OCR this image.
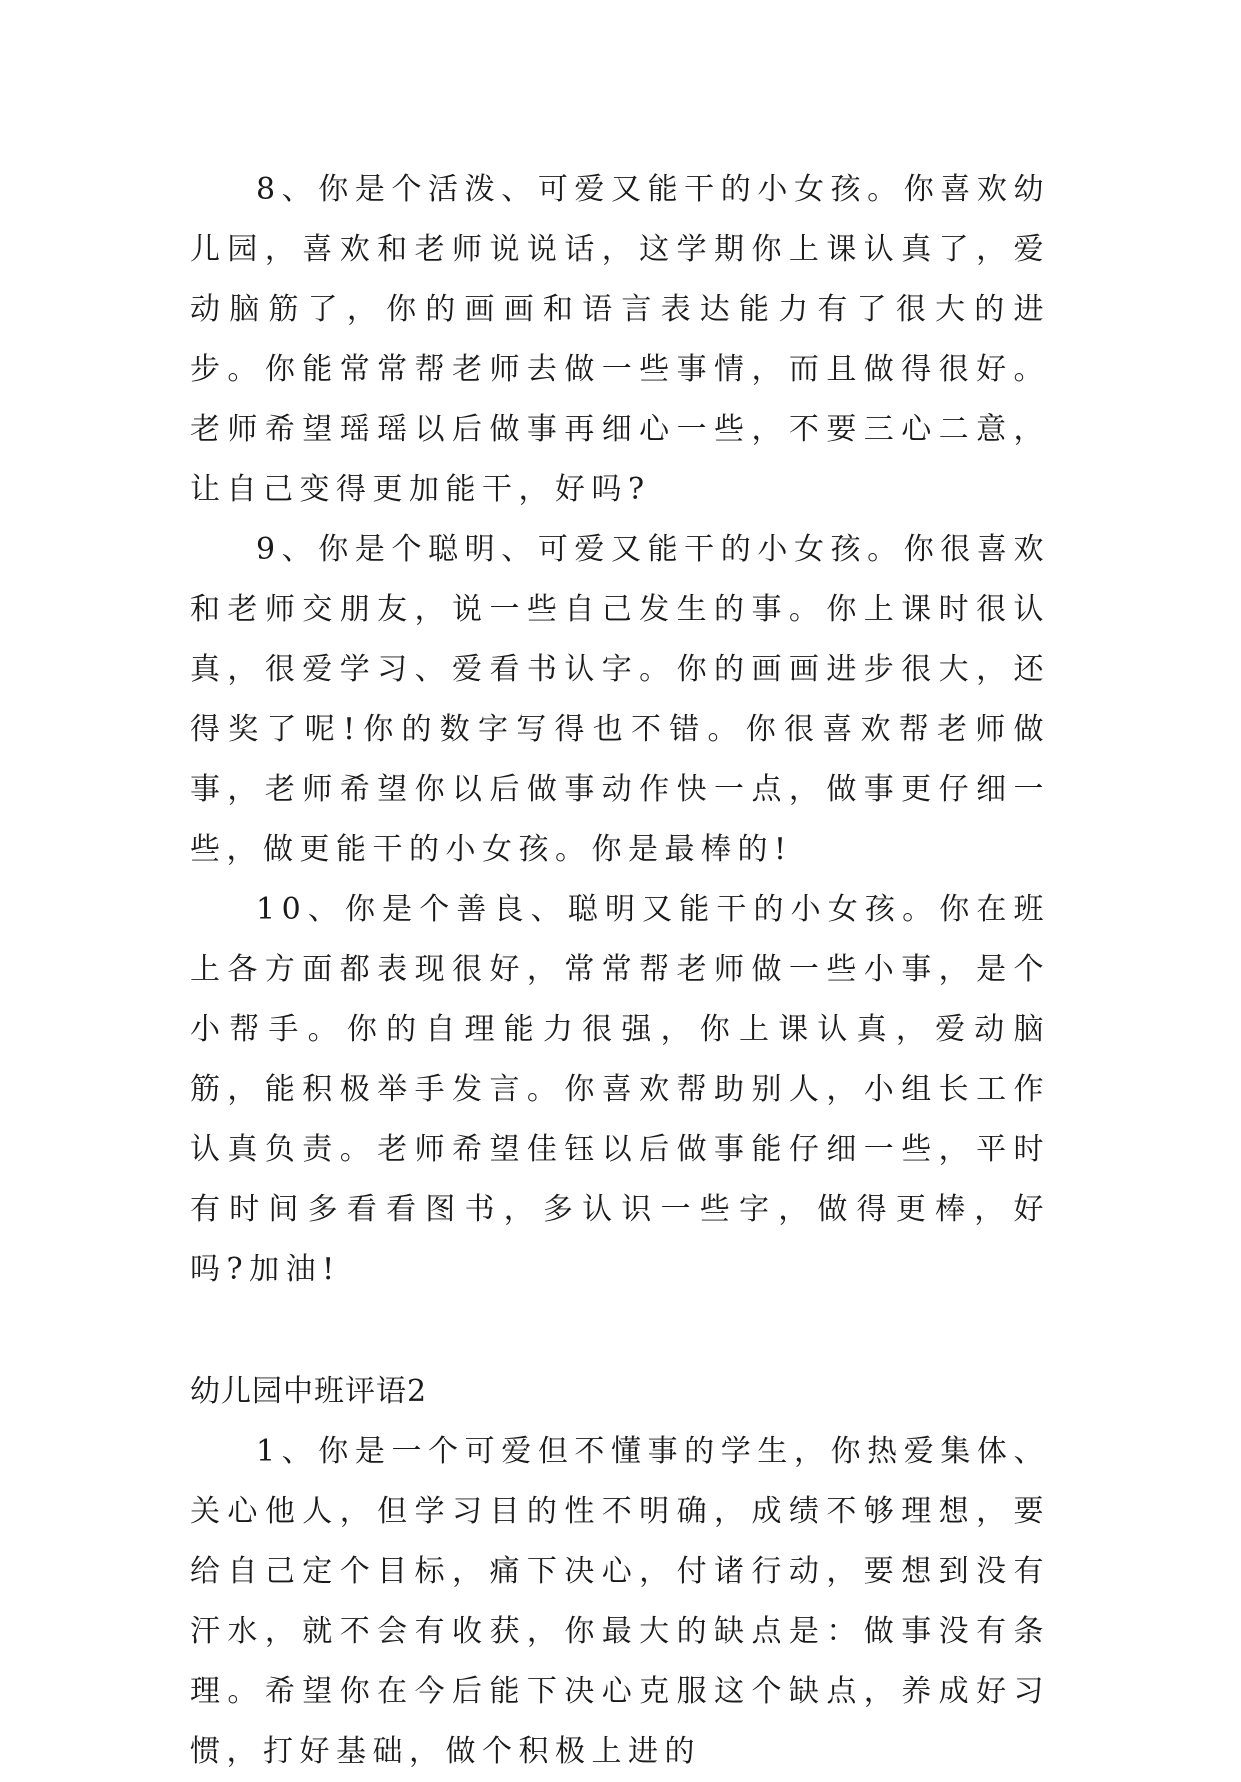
8、你是个活泼、可爱又能干的小女孩。你喜欢幼儿园，喜欢和老师说说话，这学期你上课认真了，爱动脑筋了，你的画画和语言表达能力有了很大的进步。你能常常帮老师去做一些事情，而且做得很好。老师希望瑶瑶以后做事再细心一些，不要三心二意，让自己变得更加能干，好吗?

9、你是个聪明、可爱又能干的小女孩。你很喜欢和老师交朋友，说一些自己发生的事。你上课时很认真，很爱学习、爱看书认字。你的画画进步很大，还得奖了呢!你的数字写得也不错。你很喜欢帮老师做事，老师希望你以后做事动作快一点，做事更仔细一些，做更能干的小女孩。你是最棒的!

10、你是个善良、聪明又能干的小女孩。你在班上各方面都表现很好，常常帮老师做一些小事，是个小帮手。你的自理能力很强，你上课认真，爱动脑筋，能积极举手发言。你喜欢帮助别人，小组长工作认真负责。老师希望佳钰以后做事能仔细一些，平时有时间多看看图书，多认识一些字，做得更棒，好吗?加油!

幼儿园中班评语2

1、你是一个可爱但不懂事的学生，你热爱集体、关心他人，但学习目的性不明确，成绩不够理想，要给自己定个目标，痛下决心，付诸行动，要想到没有汗水，就不会有收获，你最大的缺点是：做事没有条理。希望你在今后能下决心克服这个缺点，养成好习惯，打好基础，做个积极上进的
